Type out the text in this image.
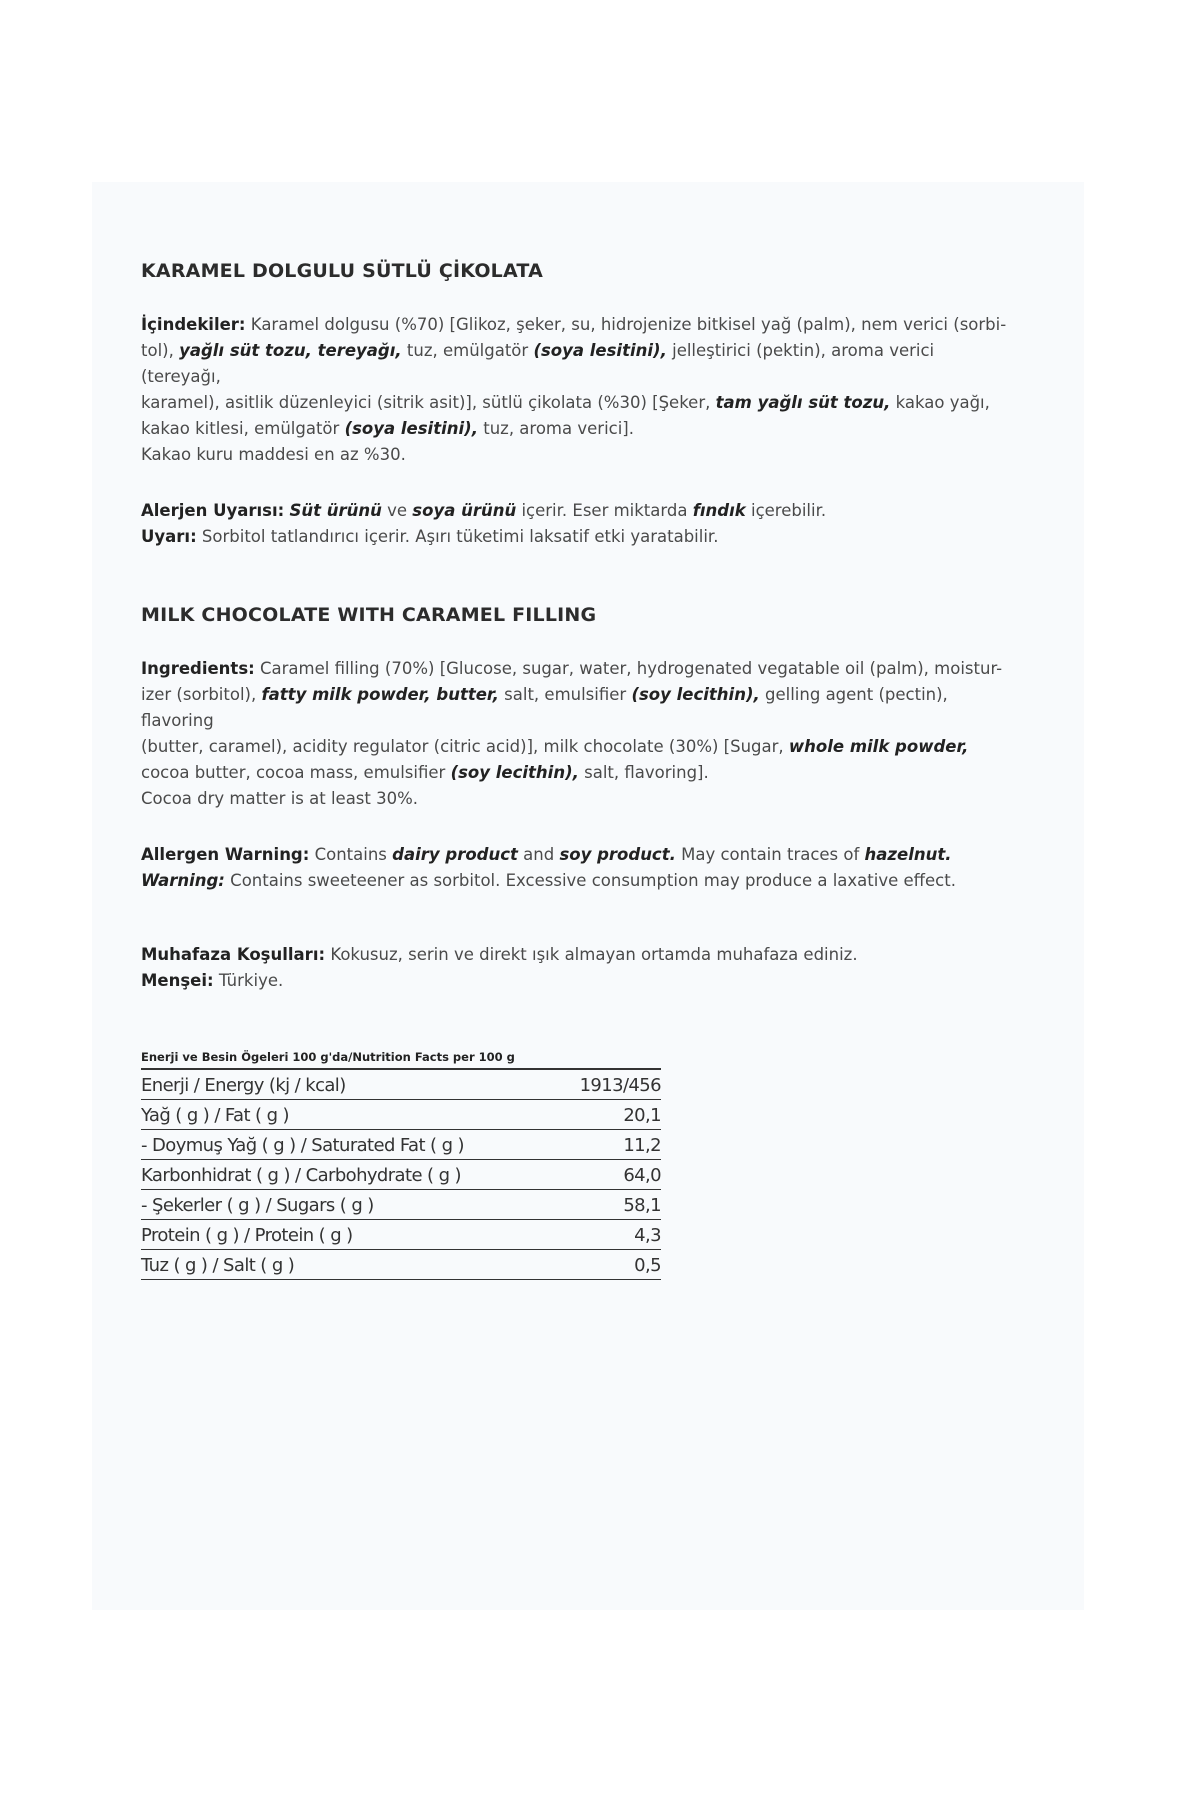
KARAMEL DOLGULU SÜTLÜ ÇİKOLATA

İçindekiler: Karamel dolgusu (%70) [Glikoz, şeker, su, hidrojenize bitkisel yağ (palm), nem verici (sorbi-
tol), yağlı süt tozu, tereyağı, tuz, emülgatör (soya lesitini), jelleştirici (pektin), aroma verici (tereyağı,
karamel), asitlik düzenleyici (sitrik asit)], sütlü çikolata (%30) [Şeker, tam yağlı süt tozu, kakao yağı,
kakao kitlesi, emülgatör (soya lesitini), tuz, aroma verici].
Kakao kuru maddesi en az %30.

Alerjen Uyarısı: Süt ürünü ve soya ürünü içerir. Eser miktarda fındık içerebilir.
Uyarı: Sorbitol tatlandırıcı içerir. Aşırı tüketimi laksatif etki yaratabilir.

MILK CHOCOLATE WITH CARAMEL FILLING

Ingredients: Caramel filling (70%) [Glucose, sugar, water, hydrogenated vegatable oil (palm), moistur-
izer (sorbitol), fatty milk powder, butter, salt, emulsifier (soy lecithin), gelling agent (pectin), flavoring
(butter, caramel), acidity regulator (citric acid)], milk chocolate (30%) [Sugar, whole milk powder,
cocoa butter, cocoa mass, emulsifier (soy lecithin), salt, flavoring].
Cocoa dry matter is at least 30%.

Allergen Warning: Contains dairy product and soy product. May contain traces of hazelnut.
Warning: Contains sweeteener as sorbitol. Excessive consumption may produce a laxative effect.

Muhafaza Koşulları: Kokusuz, serin ve direkt ışık almayan ortamda muhafaza ediniz.
Menşei: Türkiye.

Enerji ve Besin Ögeleri 100 g'da/Nutrition Facts per 100 g
Enerji / Energy (kj / kcal)	1913/456
Yağ ( g ) / Fat ( g )	20,1
- Doymuş Yağ ( g ) / Saturated Fat ( g )	11,2
Karbonhidrat ( g ) / Carbohydrate ( g )	64,0
- Şekerler ( g ) / Sugars ( g )	58,1
Protein ( g ) / Protein ( g )	4,3
Tuz ( g ) / Salt ( g )	0,5
